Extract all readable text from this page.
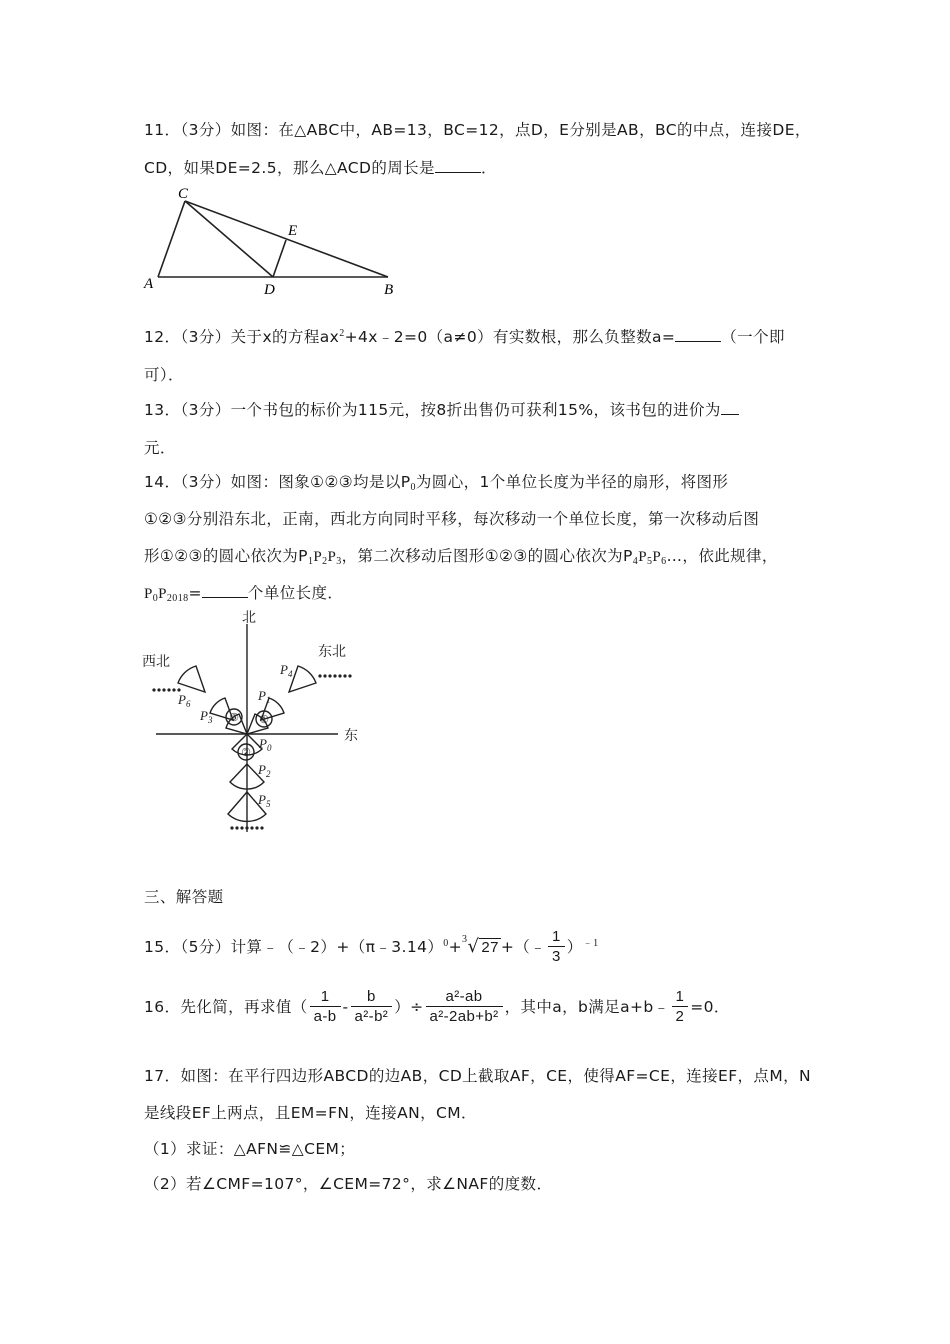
11．（3分）如图：在△ABC中，AB=13，BC=12，点D，E分别是AB，BC的中点，连接DE，
CD，如果DE=2.5，那么△ACD的周长是	．
C
E
A	D	B
12．（3分）关于x的方程$ax^2+4x﹣2=0(a\ne 0)$有实数根，那么负整数a=	（一个即
可）．
13．（3分）一个书包的标价为115元，按8折出售仍可获利15%，该书包的进价为
元．
14．（3分）如图：图象①②③均是以$P_0$为圆心，1个单位长度为半径的扇形，将图形
①②③分别沿东北，正南，西北方向同时平移，每次移动一个单位长度，第一次移动后图
形①②③的圆心依次为$P_1P_2P_3$，第二次移动后图形①②③的圆心依次为$P_4P_5P_6\dots$，依此规律，
$P_0P_{2018}=$	个单位长度．
北
东
东北
西北
$P_0$
$P_1$
$P_2$
$P_3$
$P_4$
$P_5$
$P_6$
①
③
②
三、解答题
15．（5分）计算﹣（﹣2）+（π﹣3.14）$^0$+$^3$√ 27 +（﹣ $\frac{1}{3} )^{﹣1}$
16．先化简，再求值（ $\frac{1}{a-b} - \frac{b}{\text{a²-b²}}$ ）÷ $\frac{\text{a²-ab}}{\text{a²-2ab+b²}}$ ，其中a，b满足a+b﹣ $\frac{1}{2} =0$．
17．如图：在平行四边形ABCD的边AB，CD上截取AF，CE，使得AF=CE，连接EF，点M，N
是线段EF上两点，且EM=FN，连接AN，CM．
（1）求证：△AFN≌△CEM；
（2）若∠CMF=107°，∠CEM=72°，求∠NAF的度数．
